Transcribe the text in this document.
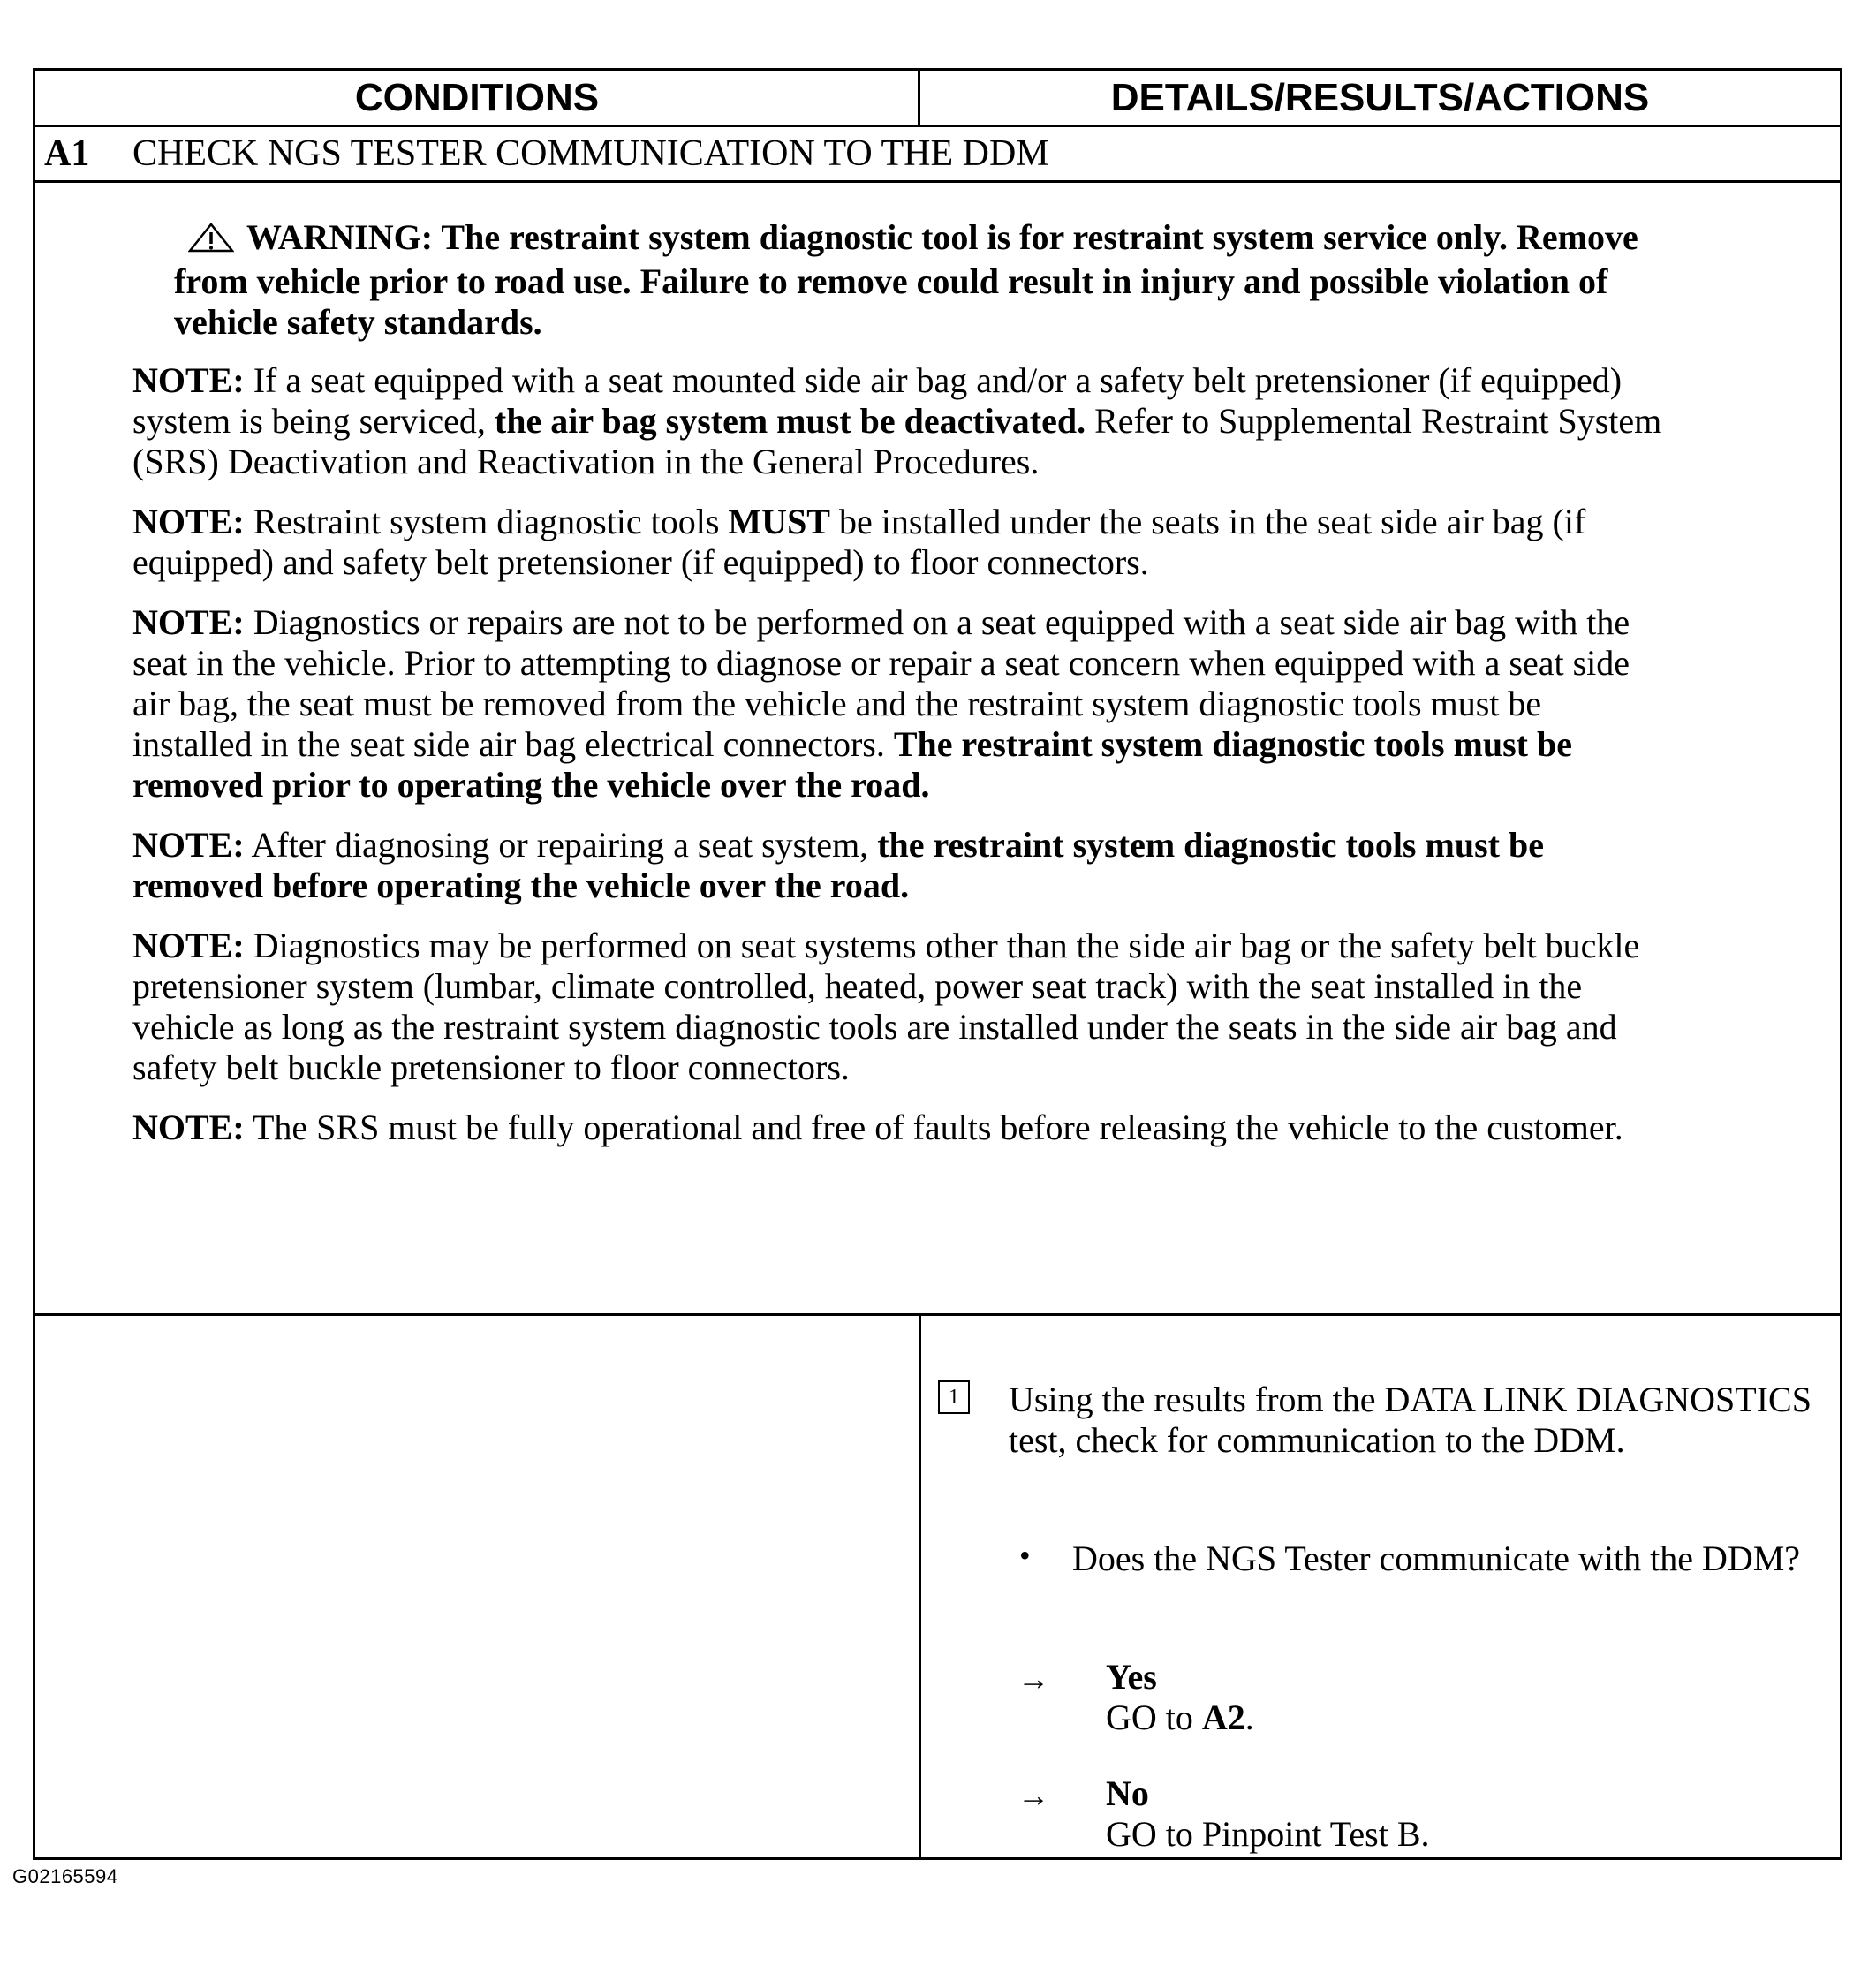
CONDITIONS	DETAILS/RESULTS/ACTIONS
A1 CHECK NGS TESTER COMMUNICATION TO THE DDM
WARNING: The restraint system diagnostic tool is for restraint system service only. Remove from vehicle prior to road use. Failure to remove could result in injury and possible violation of vehicle safety standards.

NOTE: If a seat equipped with a seat mounted side air bag and/or a safety belt pretensioner (if equipped) system is being serviced, the air bag system must be deactivated. Refer to Supplemental Restraint System (SRS) Deactivation and Reactivation in the General Procedures.

NOTE: Restraint system diagnostic tools MUST be installed under the seats in the seat side air bag (if equipped) and safety belt pretensioner (if equipped) to floor connectors.

NOTE: Diagnostics or repairs are not to be performed on a seat equipped with a seat side air bag with the seat in the vehicle. Prior to attempting to diagnose or repair a seat concern when equipped with a seat side air bag, the seat must be removed from the vehicle and the restraint system diagnostic tools must be installed in the seat side air bag electrical connectors. The restraint system diagnostic tools must be removed prior to operating the vehicle over the road.

NOTE: After diagnosing or repairing a seat system, the restraint system diagnostic tools must be removed before operating the vehicle over the road.

NOTE: Diagnostics may be performed on seat systems other than the side air bag or the safety belt buckle pretensioner system (lumbar, climate controlled, heated, power seat track) with the seat installed in the vehicle as long as the restraint system diagnostic tools are installed under the seats in the side air bag and safety belt buckle pretensioner to floor connectors.

NOTE: The SRS must be fully operational and free of faults before releasing the vehicle to the customer.

1	Using the results from the DATA LINK DIAGNOSTICS test, check for communication to the DDM.
• Does the NGS Tester communicate with the DDM?
→ Yes
GO to A2.
→ No
GO to Pinpoint Test B.
G02165594
